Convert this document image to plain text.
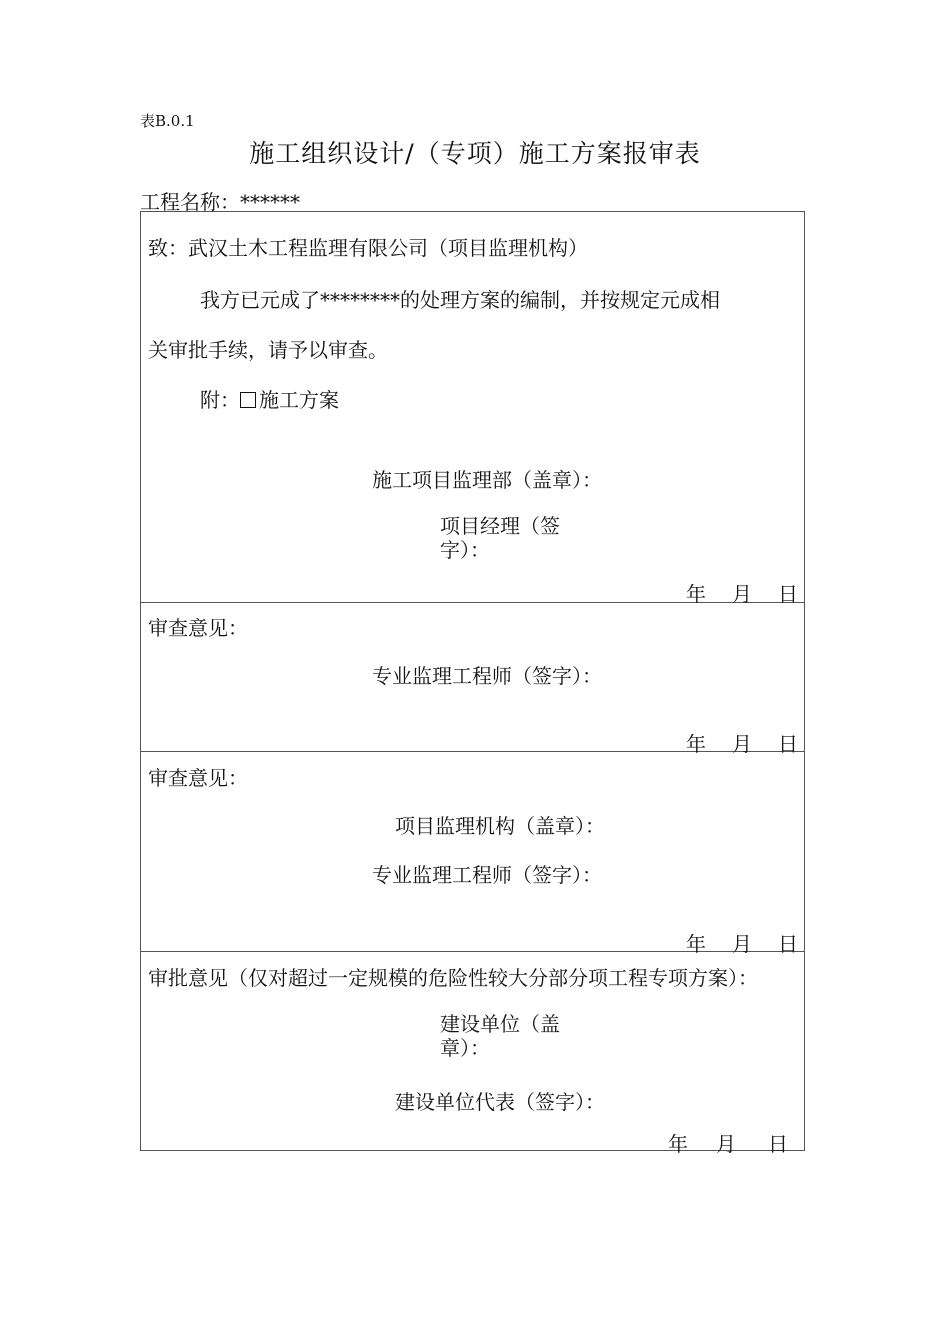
表B.0.1
施工组织设计/（专项）施工方案报审表
工程名称：******
致：武汉土木工程监理有限公司（项目监理机构）
我方已元成了********的处理方案的编制，并按规定元成相
关审批手续，请予以审查。
附： 施工方案
施工项目监理部（盖章）：
项目经理（签字）：
年 月 日
审查意见：
专业监理工程师（签字）：
年 月 日
审查意见：
项目监理机构（盖章）：
专业监理工程师（签字）：
年 月 日
审批意见（仅对超过一定规模的危险性较大分部分项工程专项方案）：
建设单位（盖章）：
建设单位代表（签字）：
年 月 日
